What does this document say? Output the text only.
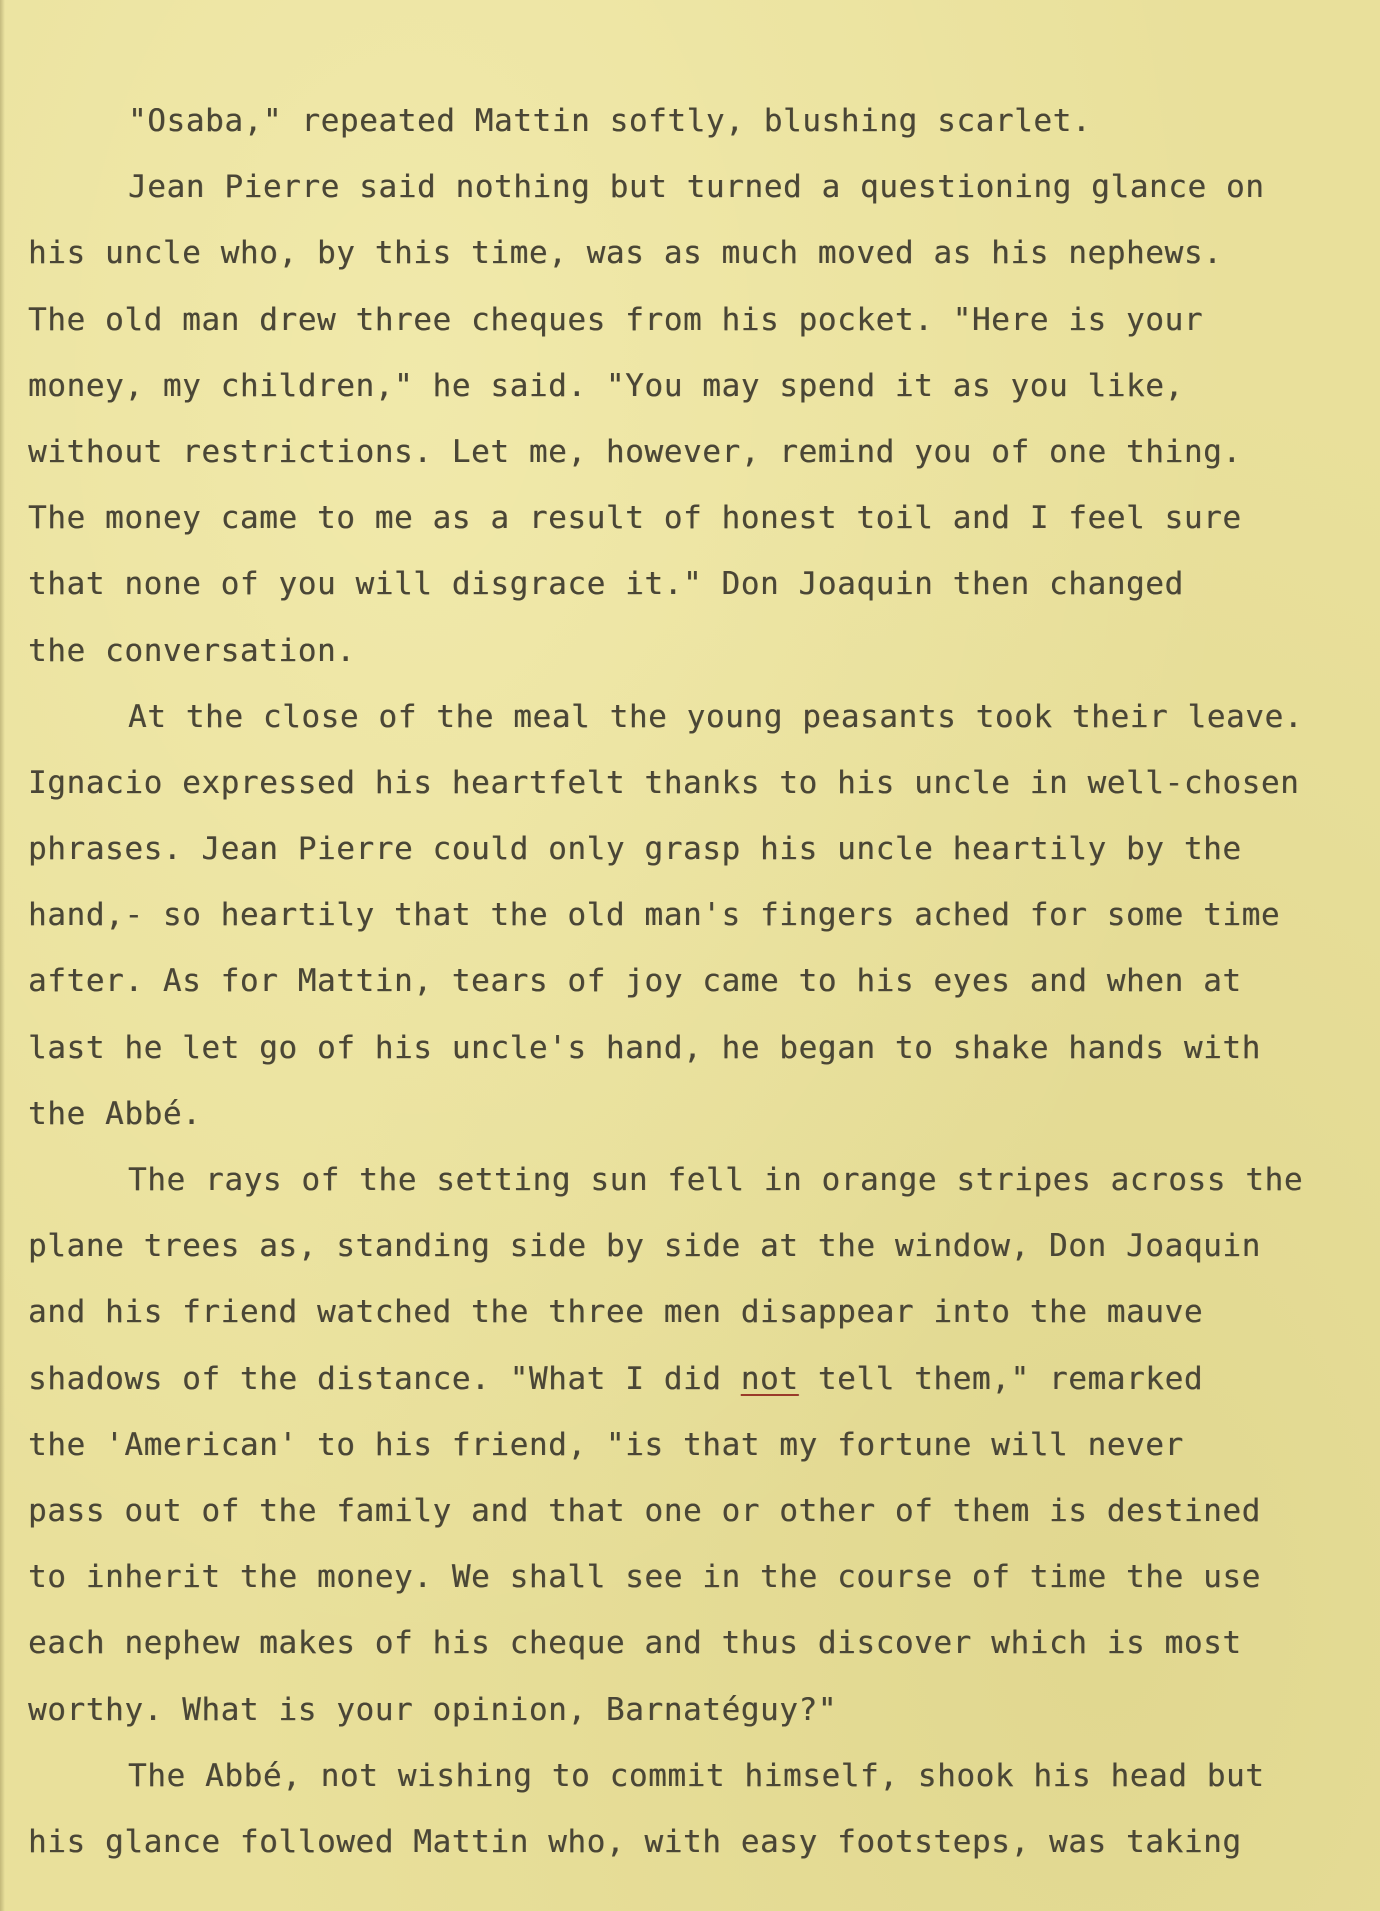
"Osaba," repeated Mattin softly, blushing scarlet.
Jean Pierre said nothing but turned a questioning glance on
his uncle who, by this time, was as much moved as his nephews.
The old man drew three cheques from his pocket. "Here is your
money, my children," he said. "You may spend it as you like,
without restrictions. Let me, however, remind you of one thing.
The money came to me as a result of honest toil and I feel sure
that none of you will disgrace it." Don Joaquin then changed
the conversation.
At the close of the meal the young peasants took their leave.
Ignacio expressed his heartfelt thanks to his uncle in well-chosen
phrases. Jean Pierre could only grasp his uncle heartily by the
hand,- so heartily that the old man's fingers ached for some time
after. As for Mattin, tears of joy came to his eyes and when at
last he let go of his uncle's hand, he began to shake hands with
the Abbé.
The rays of the setting sun fell in orange stripes across the
plane trees as, standing side by side at the window, Don Joaquin
and his friend watched the three men disappear into the mauve
shadows of the distance. "What I did not tell them," remarked
the 'American' to his friend, "is that my fortune will never
pass out of the family and that one or other of them is destined
to inherit the money. We shall see in the course of time the use
each nephew makes of his cheque and thus discover which is most
worthy. What is your opinion, Barnatéguy?"
The Abbé, not wishing to commit himself, shook his head but
his glance followed Mattin who, with easy footsteps, was taking
